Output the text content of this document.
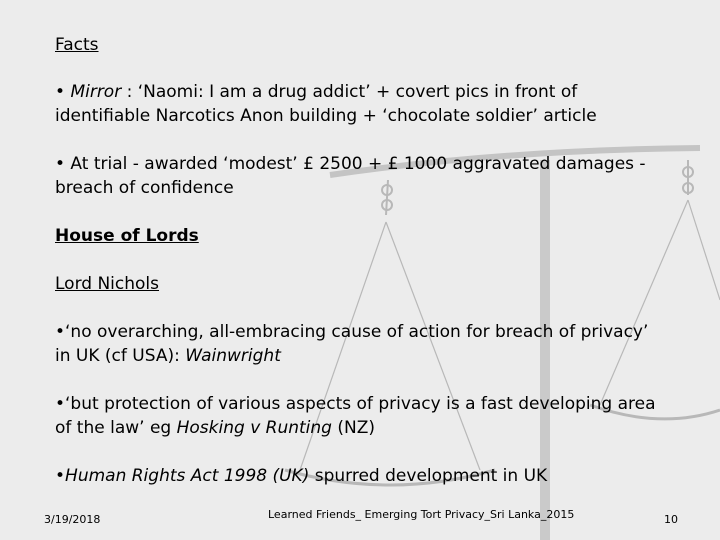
Facts
• Mirror : ‘Naomi: I am a drug addict’ + covert pics in front of
identifiable Narcotics Anon building + ‘chocolate soldier’ article
• At trial - awarded ‘modest’ £ 2500 + £ 1000 aggravated damages -
breach of confidence
House of Lords
Lord Nichols
•‘no overarching, all-embracing cause of action for breach of privacy’
in UK (cf USA): Wainwright
•‘but protection of various aspects of privacy is a fast developing area
of the law’ eg Hosking v Runting (NZ)
•Human Rights Act 1998 (UK) spurred development in UK
3/19/2018	Learned Friends_ Emerging Tort Privacy_Sri Lanka_2015	10
